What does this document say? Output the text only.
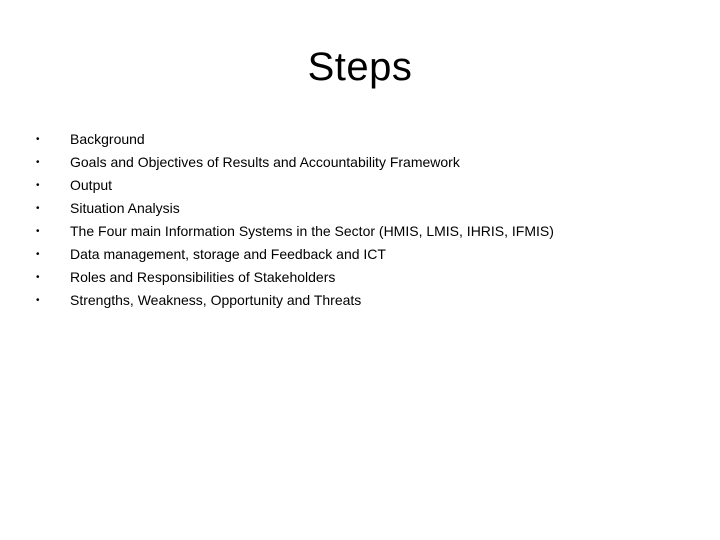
Steps
•	Background
•	Goals and Objectives of Results and Accountability Framework
•	Output
•	Situation Analysis
•	The Four main Information Systems in the Sector (HMIS, LMIS, IHRIS, IFMIS)
•	Data management, storage and Feedback and ICT
•	Roles and Responsibilities of Stakeholders
•	Strengths, Weakness, Opportunity and Threats
